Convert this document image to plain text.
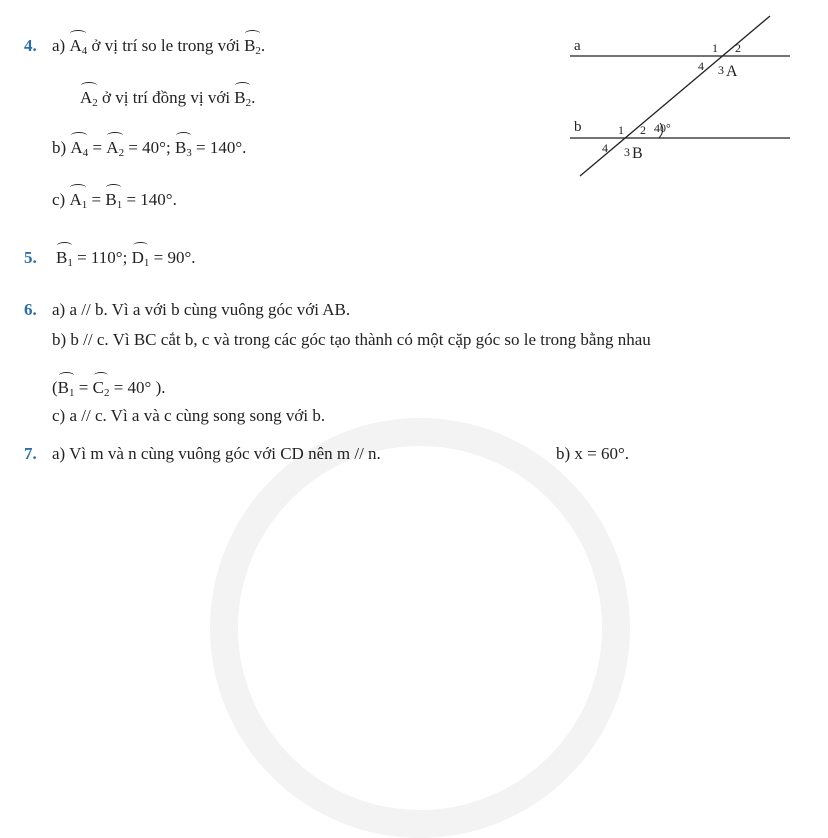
4. a) $A_4$ ở vị trí so le trong với $B_2$.
$A_2$ ở vị trí đồng vị với $B_2$.
b) $A_4 = A_2 = 40^\circ$; $B_3 = 140^\circ$.
c) $A_1 = B_1 = 140^\circ$.
5. $B_1 = 110^\circ$; $D_1 = 90^\circ$.
6. a) a // b. Vì a với b cùng vuông góc với AB.
b) b // c. Vì BC cắt b, c và trong các góc tạo thành có một cặp góc so le trong bằng nhau
($B_1 = C_2 = 40^\circ$ ).
c) a // c. Vì a và c cùng song song với b.
7. a) Vì m và n cùng vuông góc với CD nên m // n.	b) x = 60°.
a
b
1 2
4 3 A
1 2 40°
4 3 B
